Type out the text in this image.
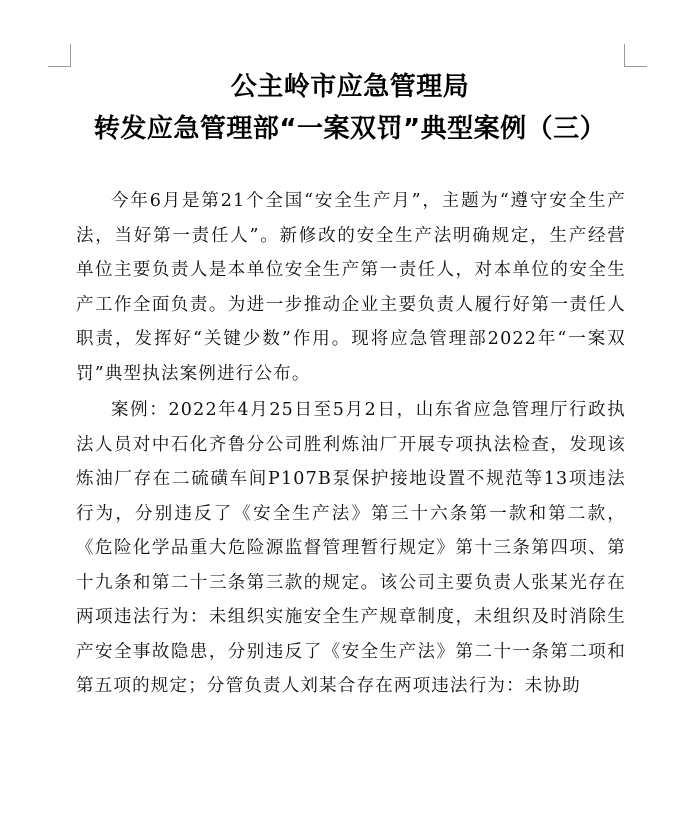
公主岭市应急管理局
转发应急管理部“一案双罚”典型案例（三）

今年6月是第21个全国“安全生产月”，主题为“遵守安全生产法，当好第一责任人”。新修改的安全生产法明确规定，生产经营单位主要负责人是本单位安全生产第一责任人，对本单位的安全生产工作全面负责。为进一步推动企业主要负责人履行好第一责任人职责，发挥好“关键少数”作用。现将应急管理部2022年“一案双罚”典型执法案例进行公布。

案例：2022年4月25日至5月2日，山东省应急管理厅行政执法人员对中石化齐鲁分公司胜利炼油厂开展专项执法检查，发现该炼油厂存在二硫磺车间P107B泵保护接地设置不规范等13项违法行为，分别违反了《安全生产法》第三十六条第一款和第二款，《危险化学品重大危险源监督管理暂行规定》第十三条第四项、第十九条和第二十三条第三款的规定。该公司主要负责人张某光存在两项违法行为：未组织实施安全生产规章制度，未组织及时消除生产安全事故隐患，分别违反了《安全生产法》第二十一条第二项和第五项的规定；分管负责人刘某合存在两项违法行为：未协助
